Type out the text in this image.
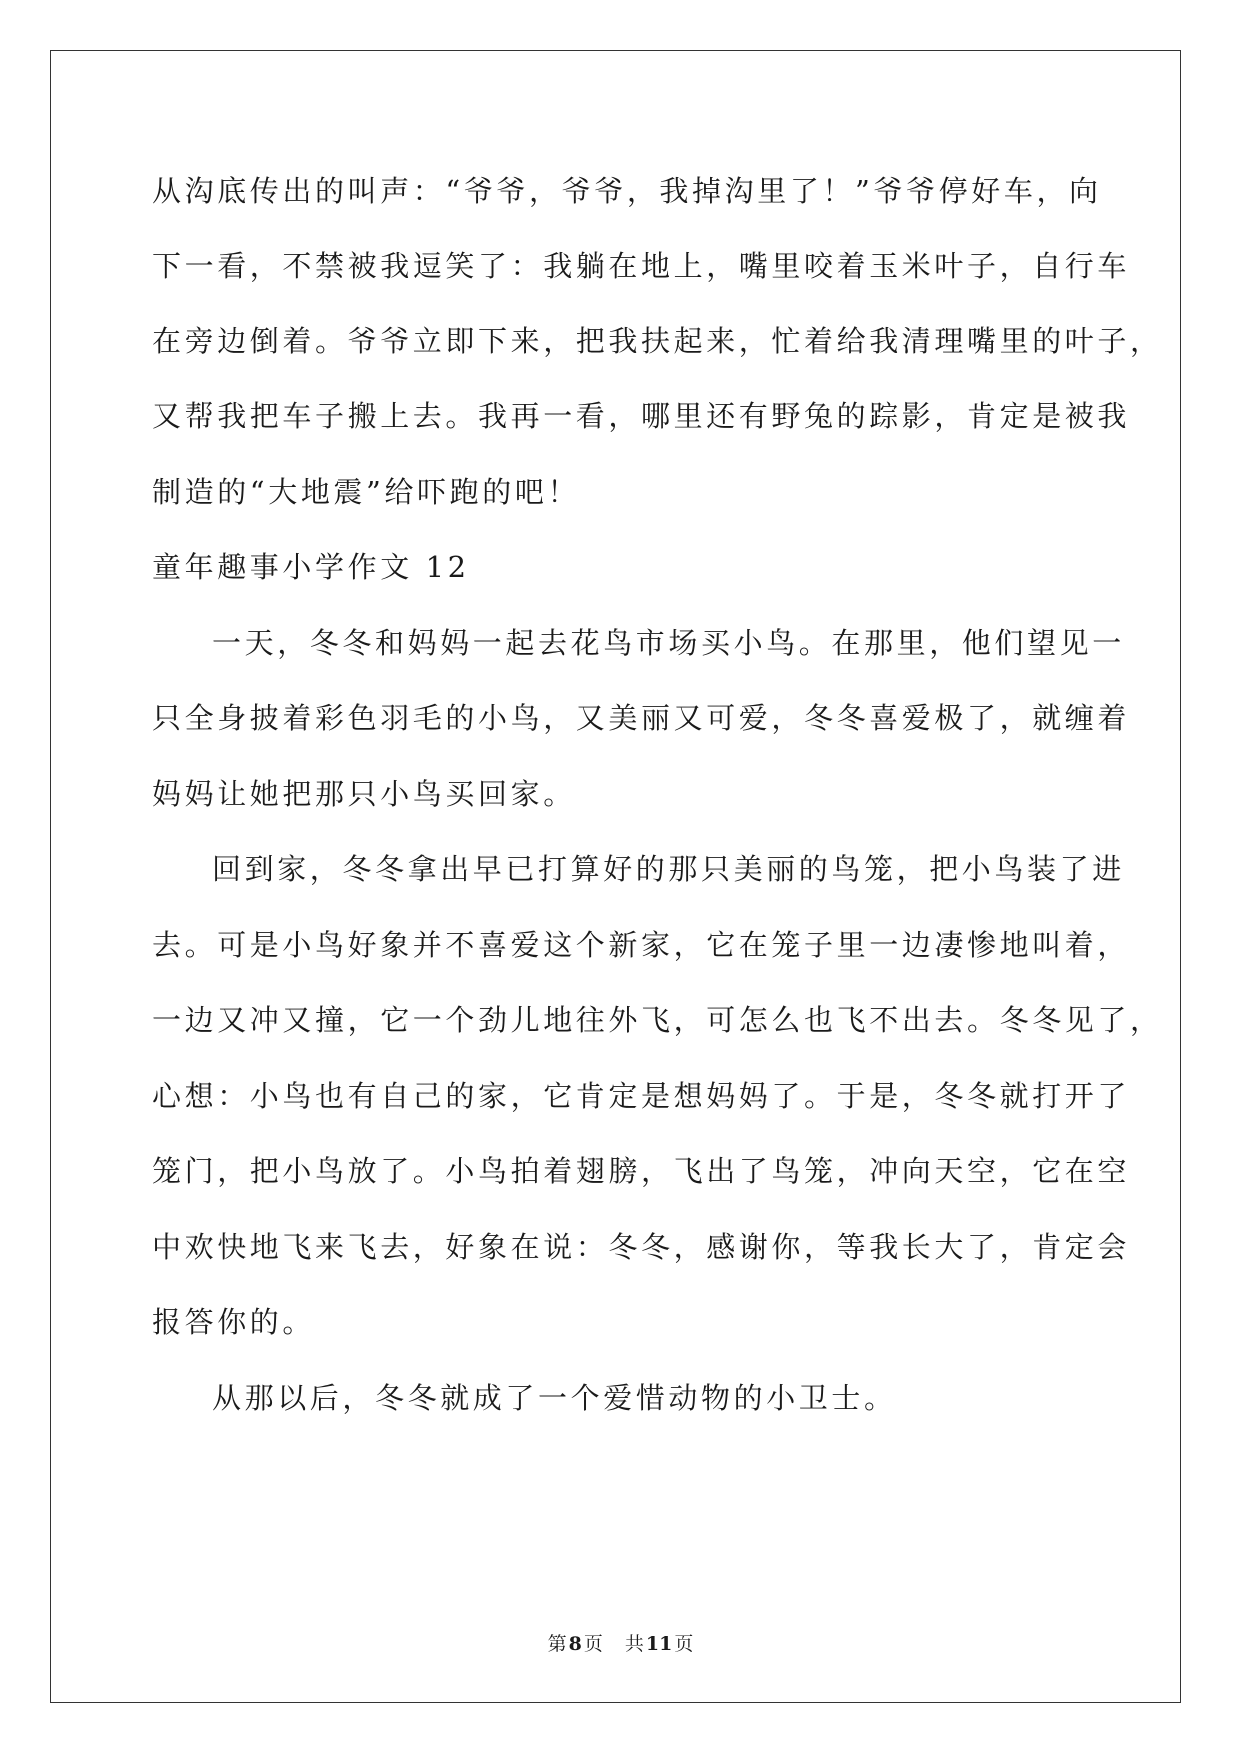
从沟底传出的叫声：“爷爷，爷爷，我掉沟里了！”爷爷停好车，向
下一看，不禁被我逗笑了：我躺在地上，嘴里咬着玉米叶子，自行车
在旁边倒着。爷爷立即下来，把我扶起来，忙着给我清理嘴里的叶子，
又帮我把车子搬上去。我再一看，哪里还有野兔的踪影，肯定是被我
制造的“大地震”给吓跑的吧！
童年趣事小学作文 12
一天，冬冬和妈妈一起去花鸟市场买小鸟。在那里，他们望见一
只全身披着彩色羽毛的小鸟，又美丽又可爱，冬冬喜爱极了，就缠着
妈妈让她把那只小鸟买回家。
回到家，冬冬拿出早已打算好的那只美丽的鸟笼，把小鸟装了进
去。可是小鸟好象并不喜爱这个新家，它在笼子里一边凄惨地叫着，
一边又冲又撞，它一个劲儿地往外飞，可怎么也飞不出去。冬冬见了，
心想：小鸟也有自己的家，它肯定是想妈妈了。于是，冬冬就打开了
笼门，把小鸟放了。小鸟拍着翅膀，飞出了鸟笼，冲向天空，它在空
中欢快地飞来飞去，好象在说：冬冬，感谢你，等我长大了，肯定会
报答你的。
从那以后，冬冬就成了一个爱惜动物的小卫士。
第 8 页 共 11 页
